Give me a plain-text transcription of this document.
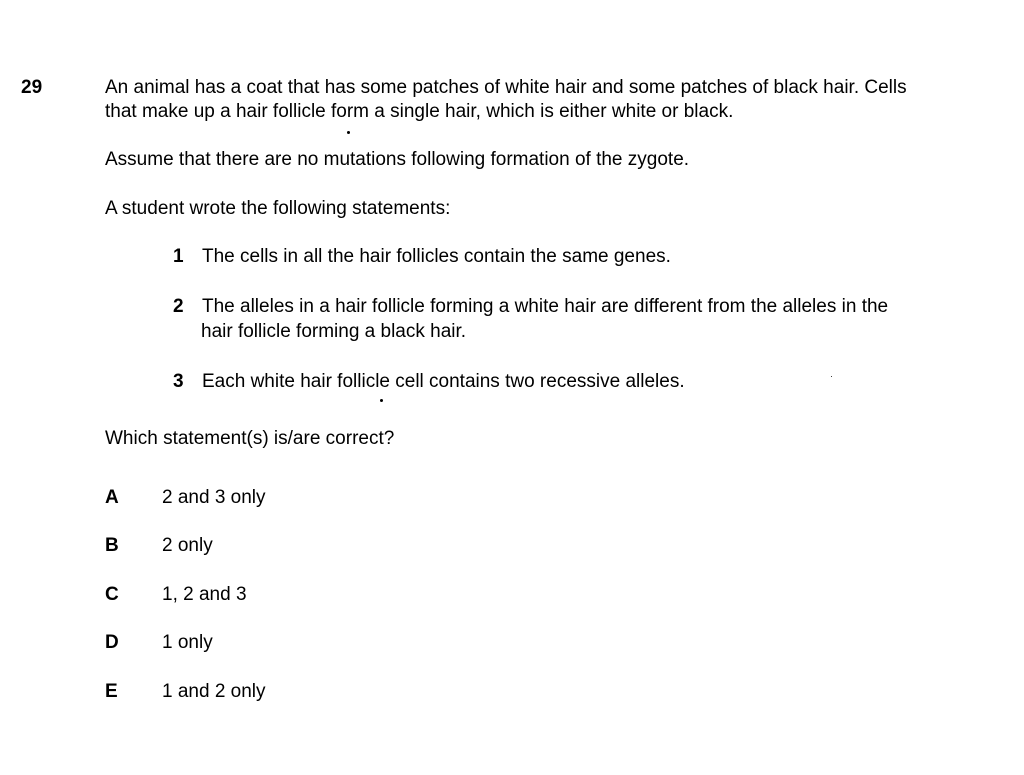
29	An animal has a coat that has some patches of white hair and some patches of black hair. Cells
that make up a hair follicle form a single hair, which is either white or black.
Assume that there are no mutations following formation of the zygote.
A student wrote the following statements:
1 The cells in all the hair follicles contain the same genes.
2 The alleles in a hair follicle forming a white hair are different from the alleles in the
hair follicle forming a black hair.
3 Each white hair follicle cell contains two recessive alleles.
Which statement(s) is/are correct?
A 2 and 3 only
B 2 only
C 1, 2 and 3
D 1 only
E 1 and 2 only
